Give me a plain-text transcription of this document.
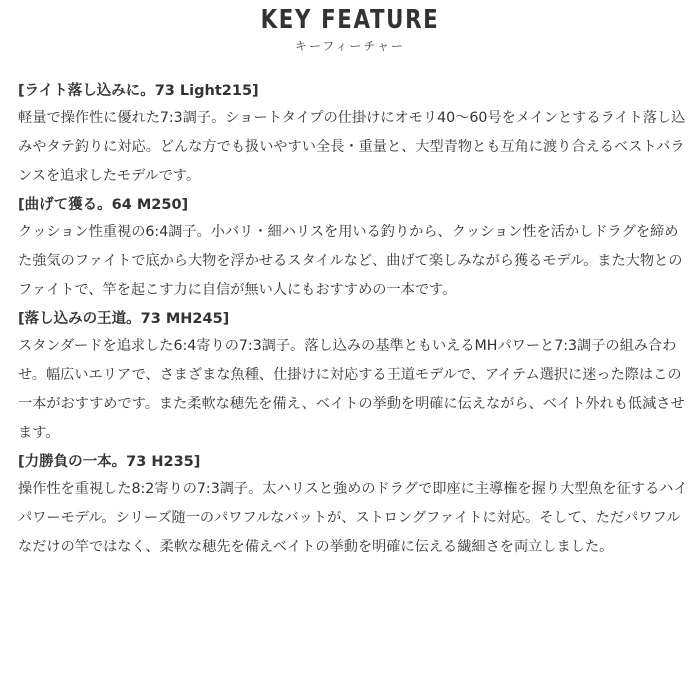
KEY FEATURE
キーフィーチャー
[ライト落し込みに。73 Light215]

軽量で操作性に優れた7:3調子。ショートタイプの仕掛けにオモリ40〜60号をメインとするライト落し込みやタテ釣りに対応。どんな方でも扱いやすい全長・重量と、大型青物とも互角に渡り合えるベストバランスを追求したモデルです。

[曲げて獲る。64 M250]

クッション性重視の6:4調子。小バリ・細ハリスを用いる釣りから、クッション性を活かしドラグを締めた強気のファイトで底から大物を浮かせるスタイルなど、曲げて楽しみながら獲るモデル。また大物とのファイトで、竿を起こす力に自信が無い人にもおすすめの一本です。

[落し込みの王道。73 MH245]

スタンダードを追求した6:4寄りの7:3調子。落し込みの基準ともいえるMHパワーと7:3調子の組み合わせ。幅広いエリアで、さまざまな魚種、仕掛けに対応する王道モデルで、アイテム選択に迷った際はこの一本がおすすめです。また柔軟な穂先を備え、ベイトの挙動を明確に伝えながら、ベイト外れも低減させます。

[力勝負の一本。73 H235]

操作性を重視した8:2寄りの7:3調子。太ハリスと強めのドラグで即座に主導権を握り大型魚を征するハイパワーモデル。シリーズ随一のパワフルなバットが、ストロングファイトに対応。そして、ただパワフルなだけの竿ではなく、柔軟な穂先を備えベイトの挙動を明確に伝える繊細さを両立しました。
